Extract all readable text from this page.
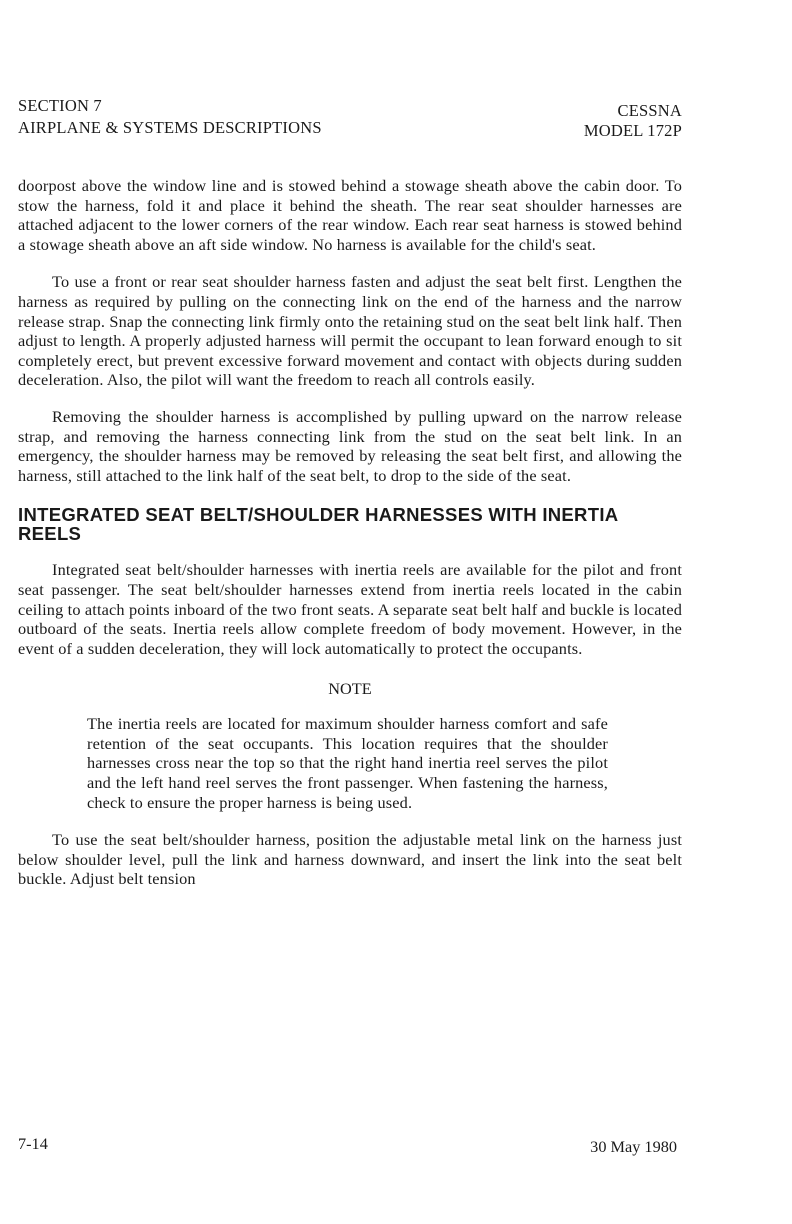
SECTION 7
AIRPLANE & SYSTEMS DESCRIPTIONS
CESSNA
MODEL 172P

doorpost above the window line and is stowed behind a stowage sheath above the cabin door. To stow the harness, fold it and place it behind the sheath. The rear seat shoulder harnesses are attached adjacent to the lower corners of the rear window. Each rear seat harness is stowed behind a stowage sheath above an aft side window. No harness is available for the child's seat.

To use a front or rear seat shoulder harness fasten and adjust the seat belt first. Lengthen the harness as required by pulling on the connecting link on the end of the harness and the narrow release strap. Snap the connecting link firmly onto the retaining stud on the seat belt link half. Then adjust to length. A properly adjusted harness will permit the occupant to lean forward enough to sit completely erect, but prevent excessive forward movement and contact with objects during sudden deceleration. Also, the pilot will want the freedom to reach all controls easily.

Removing the shoulder harness is accomplished by pulling upward on the narrow release strap, and removing the harness connecting link from the stud on the seat belt link. In an emergency, the shoulder harness may be removed by releasing the seat belt first, and allowing the harness, still attached to the link half of the seat belt, to drop to the side of the seat.

INTEGRATED SEAT BELT/SHOULDER HARNESSES WITH INERTIA REELS

Integrated seat belt/shoulder harnesses with inertia reels are available for the pilot and front seat passenger. The seat belt/shoulder harnesses extend from inertia reels located in the cabin ceiling to attach points inboard of the two front seats. A separate seat belt half and buckle is located outboard of the seats. Inertia reels allow complete freedom of body movement. However, in the event of a sudden deceleration, they will lock automatically to protect the occupants.

NOTE

The inertia reels are located for maximum shoulder harness comfort and safe retention of the seat occupants. This location requires that the shoulder harnesses cross near the top so that the right hand inertia reel serves the pilot and the left hand reel serves the front passenger. When fastening the harness, check to ensure the proper harness is being used.

To use the seat belt/shoulder harness, position the adjustable metal link on the harness just below shoulder level, pull the link and harness downward, and insert the link into the seat belt buckle. Adjust belt tension

7-14	30 May 1980
